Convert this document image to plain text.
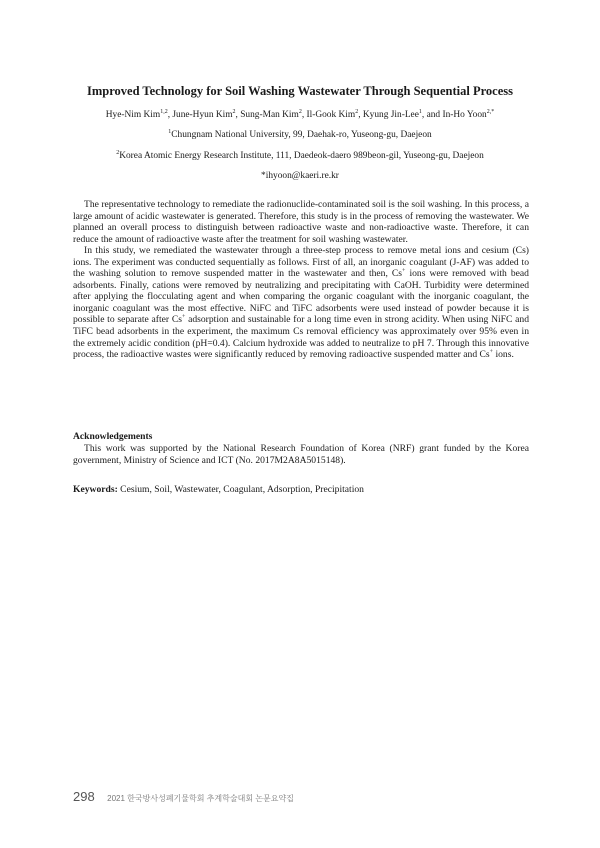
Improved Technology for Soil Washing Wastewater Through Sequential Process
Hye-Nim Kim$^{1,2}$, June-Hyun Kim$^2$, Sung-Man Kim$^2$, Il-Gook Kim$^2$, Kyung Jin-Lee$^1$, and In-Ho Yoon$^{2,*}$
$^1$Chungnam National University, 99, Daehak-ro, Yuseong-gu, Daejeon
$^2$Korea Atomic Energy Research Institute, 111, Daedeok-daero 989beon-gil, Yuseong-gu, Daejeon
*ihyoon@kaeri.re.kr

The representative technology to remediate the radionuclide-contaminated soil is the soil washing. In this process, a large amount of acidic wastewater is generated. Therefore, this study is in the process of removing the wastewater. We planned an overall process to distinguish between radioactive waste and non-radioactive waste. Therefore, it can reduce the amount of radioactive waste after the treatment for soil washing wastewater.

In this study, we remediated the wastewater through a three-step process to remove metal ions and cesium (Cs) ions. The experiment was conducted sequentially as follows. First of all, an inorganic coagulant (J-AF) was added to the washing solution to remove suspended matter in the wastewater and then, Cs+ ions were removed with bead adsorbents. Finally, cations were removed by neutralizing and precipitating with CaOH. Turbidity were determined after applying the flocculating agent and when comparing the organic coagulant with the inorganic coagulant, the inorganic coagulant was the most effective. NiFC and TiFC adsorbents were used instead of powder because it is possible to separate after Cs+ adsorption and sustainable for a long time even in strong acidity. When using NiFC and TiFC bead adsorbents in the experiment, the maximum Cs removal efficiency was approximately over 95% even in the extremely acidic condition (pH=0.4). Calcium hydroxide was added to neutralize to pH 7. Through this innovative process, the radioactive wastes were significantly reduced by removing radioactive suspended matter and Cs+ ions.

Acknowledgements

This work was supported by the National Research Foundation of Korea (NRF) grant funded by the Korea government, Ministry of Science and ICT (No. 2017M2A8A5015148).

Keywords: Cesium, Soil, Wastewater, Coagulant, Adsorption, Precipitation
298 2021 한국방사성폐기물학회 추계학술대회 논문요약집
